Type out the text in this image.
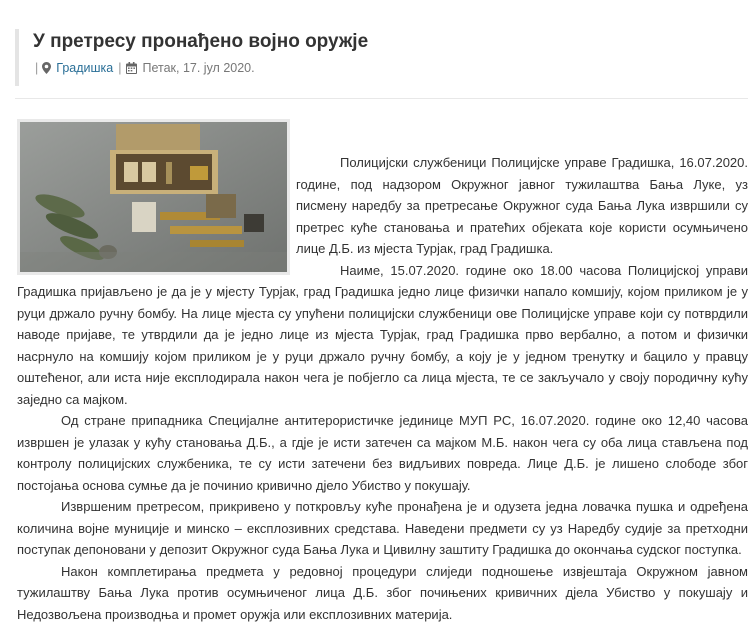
У претресу пронађено војно оружје
| Градишка | Петак, 17. јул 2020.

Полицијски службеници Полицијске управе Градишка, 16.07.2020. године, под надзором Окружног јавног тужилаштва Бања Луке, уз писмену наредбу за претресање Окружног суда Бања Лука извршили су претрес куће становања и пратећих објеката које користи осумњичено лице Д.Б. из мјеста Турјак, град Градишка.

Наиме, 15.07.2020. године око 18.00 часова Полицијској управи Градишка пријављено је да је у мјесту Турјак, град Градишка једно лице физички напало комшију, којом приликом је у руци држало ручну бомбу. На лице мјеста су упућени полицијски службеници ове Полицијске управе који су потврдили наводе пријаве, те утврдили да је једно лице из мјеста Турјак, град Градишка прво вербално, а потом и физички насрнуло на комшију којом приликом је у руци држало ручну бомбу, а коју је у једном тренутку и бацило у правцу оштећеног, али иста није експлодирала након чега је побјегло са лица мјеста, те се закључало у своју породичну кућу заједно са мајком.

Од стране припадника Специјалне антитерористичке јединице МУП РС, 16.07.2020. године око 12,40 часова извршен је улазак у кућу становања Д.Б., а гдје је исти затечен са мајком М.Б. након чега су оба лица стављена под контролу полицијских службеника, те су исти затечени без видљивих повреда. Лице Д.Б. је лишено слободе због постојања основа сумње да је починио кривично дјело Убиство у покушају.

Извршеним претресом, прикривено у поткровљу куће пронађена је и одузета једна ловачка пушка и одређена количина војне муниције и минско – експлозивних средстава. Наведени предмети су уз Наредбу судије за претходни поступак депоновани у депозит Окружног суда Бања Лука и Цивилну заштиту Градишка до окончања судског поступка.

Након комплетирања предмета у редовној процедури слиједи подношење извјештаја Окружном јавном тужилаштву Бања Лука против осумњиченог лица Д.Б. због почињених кривичних дјела Убиство у покушају и Недозвољена производња и промет оружја или експлозивних материја.
